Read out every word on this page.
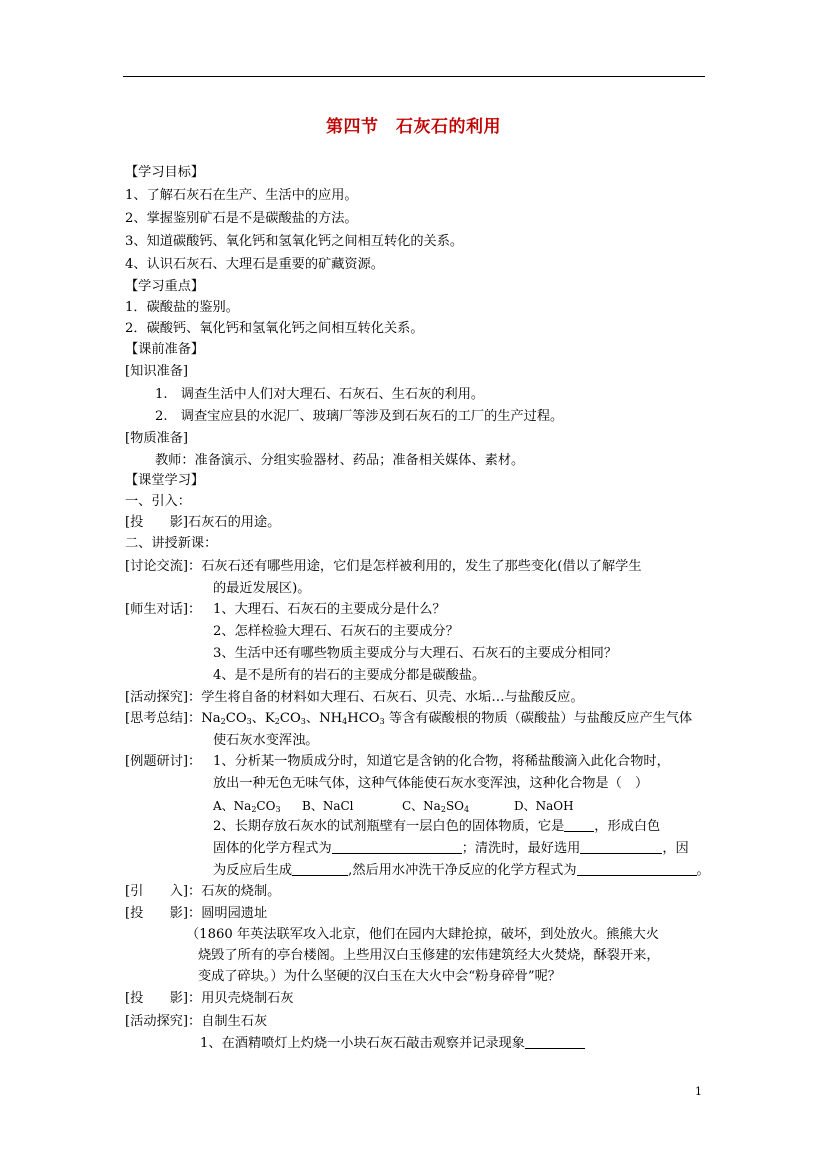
第四节　石灰石的利用
【学习目标】
1、了解石灰石在生产、生活中的应用。
2、掌握鉴别矿石是不是碳酸盐的方法。
3、知道碳酸钙、氧化钙和氢氧化钙之间相互转化的关系。
4、认识石灰石、大理石是重要的矿藏资源。
【学习重点】
1．碳酸盐的鉴别。
2．碳酸钙、氧化钙和氢氧化钙之间相互转化关系。
【课前准备】
[知识准备]
1.　调查生活中人们对大理石、石灰石、生石灰的利用。
2.　调查宝应县的水泥厂、玻璃厂等涉及到石灰石的工厂的生产过程。
[物质准备]
教师：准备演示、分组实验器材、药品；准备相关媒体、素材。
【课堂学习】
一、引入：
[投　　影]石灰石的用途。
二、讲授新课：
[讨论交流]：石灰石还有哪些用途，它们是怎样被利用的，发生了那些变化(借以了解学生
的最近发展区)。
[师生对话]： 1、大理石、石灰石的主要成分是什么？
2、怎样检验大理石、石灰石的主要成分？
3、生活中还有哪些物质主要成分与大理石、石灰石的主要成分相同？
4、是不是所有的岩石的主要成分都是碳酸盐。
[活动探究]：学生将自备的材料如大理石、石灰石、贝壳、水垢…与盐酸反应。
[思考总结]：$Na_2CO_3$、$K_2CO_3$、$NH_4HCO_3$ 等含有碳酸根的物质（碳酸盐）与盐酸反应产生气体
使石灰水变浑浊。
[例题研讨]： 1、分析某一物质成分时，知道它是含钠的化合物，将稀盐酸滴入此化合物时，
放出一种无色无味气体，这种气体能使石灰水变浑浊，这种化合物是（　）
A、$Na_2CO_3$ B、NaCl	C、$Na_2SO_4$	D、NaOH
2、长期存放石灰水的试剂瓶壁有一层白色的固体物质，它是 ，形成白色
固体的化学方程式为	；清洗时，最好选用	，因
为反应后生成	,然后用水冲洗干净反应的化学方程式为	。
[引　　入]：石灰的烧制。
[投　　影]：圆明园遗址
（1860 年英法联军攻入北京，他们在园内大肆抢掠，破坏，到处放火。熊熊大火
烧毁了所有的亭台楼阁。上些用汉白玉修建的宏伟建筑经大火焚烧，酥裂开来，
变成了碎块。）为什么坚硬的汉白玉在大火中会“粉身碎骨”呢？
[投　　影]：用贝壳烧制石灰
[活动探究]：自制生石灰
1、在酒精喷灯上灼烧一小块石灰石敲击观察并记录现象
1
